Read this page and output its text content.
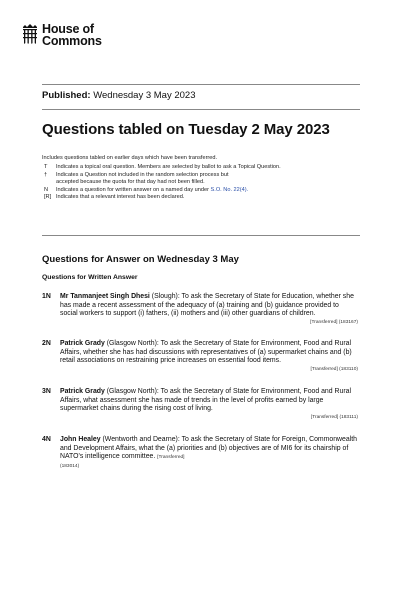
House of
Commons
Published: Wednesday 3 May 2023
Questions tabled on Tuesday 2 May 2023
Includes questions tabled on earlier days which have been transferred.
T	Indicates a topical oral question. Members are selected by ballot to ask a Topical Question.
†	Indicates a Question not included in the random selection process but
accepted because the quota for that day had not been filled.
N	Indicates a question for written answer on a named day under S.O. No. 22(4).
[R] Indicates that a relevant interest has been declared.
Questions for Answer on Wednesday 3 May
Questions for Written Answer
1N	Mr Tanmanjeet Singh Dhesi (Slough): To ask the Secretary of State for Education, whether she has made a recent assessment of the adequacy of (a) training and (b) guidance provided to social workers to support (i) fathers, (ii) mothers and (iii) other guardians of children.
[Transferred] (183167)
2N	Patrick Grady (Glasgow North): To ask the Secretary of State for Environment, Food and Rural Affairs, whether she has had discussions with representatives of (a) supermarket chains and (b) retail associations on restraining price increases on essential food items.
[Transferred] (183110)
3N	Patrick Grady (Glasgow North): To ask the Secretary of State for Environment, Food and Rural Affairs, what assessment she has made of trends in the level of profits earned by large supermarket chains during the rising cost of living.
[Transferred] (183111)
4N	John Healey (Wentworth and Dearne): To ask the Secretary of State for Foreign, Commonwealth and Development Affairs, what the (a) priorities and (b) objectives are of MI6 for its chairship of NATO's intelligence committee. [Transferred]
(183014)
